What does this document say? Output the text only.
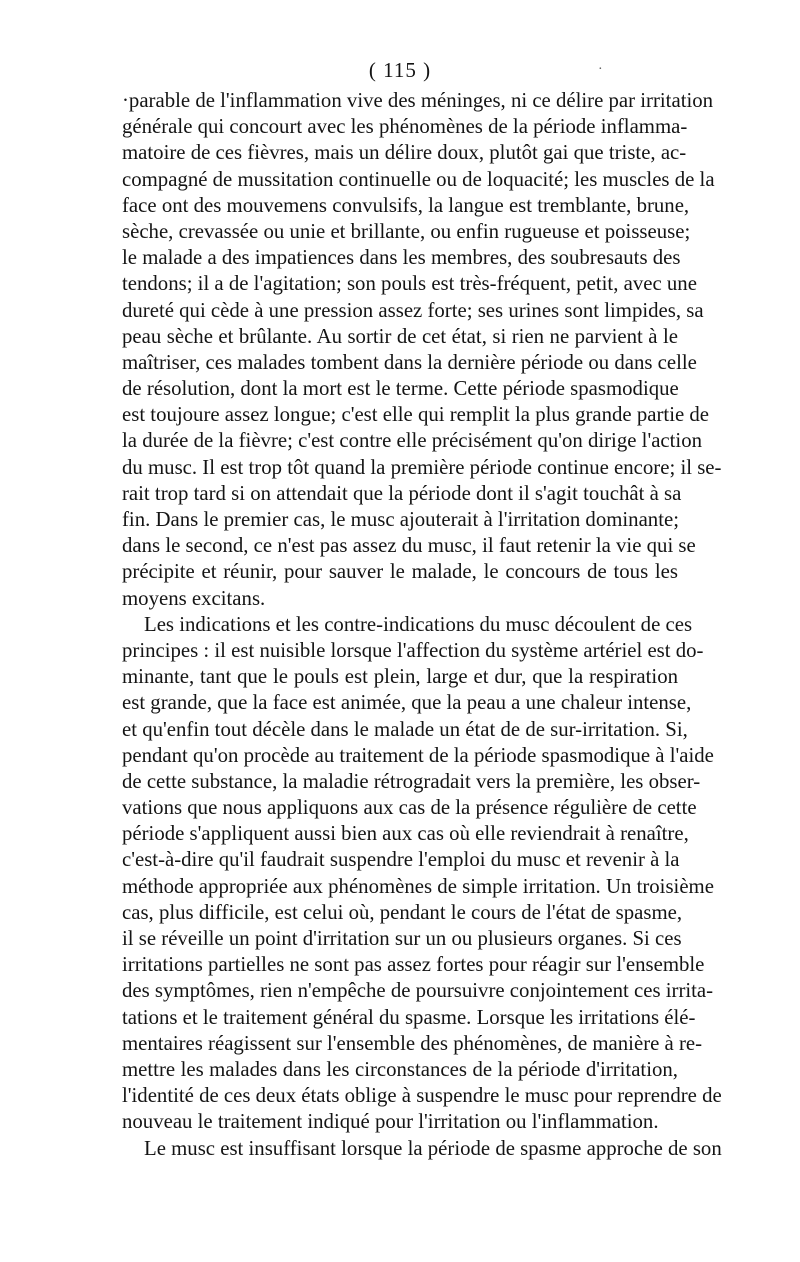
( 115 )	·

·parable de l'inflammation vive des méninges, ni ce délire par irritation
générale qui concourt avec les phénomènes de la période inflamma-
matoire de ces fièvres, mais un délire doux, plutôt gai que triste, ac-
compagné de mussitation continuelle ou de loquacité; les muscles de la
face ont des mouvemens convulsifs, la langue est tremblante, brune,
sèche, crevassée ou unie et brillante, ou enfin rugueuse et poisseuse;
le malade a des impatiences dans les membres, des soubresauts des
tendons; il a de l'agitation; son pouls est très-fréquent, petit, avec une
dureté qui cède à une pression assez forte; ses urines sont limpides, sa
peau sèche et brûlante. Au sortir de cet état, si rien ne parvient à le
maîtriser, ces malades tombent dans la dernière période ou dans celle
de résolution, dont la mort est le terme. Cette période spasmodique
est toujoure assez longue; c'est elle qui remplit la plus grande partie de
la durée de la fièvre; c'est contre elle précisément qu'on dirige l'action
du musc. Il est trop tôt quand la première période continue encore; il se-
rait trop tard si on attendait que la période dont il s'agit touchât à sa
fin. Dans le premier cas, le musc ajouterait à l'irritation dominante;
dans le second, ce n'est pas assez du musc, il faut retenir la vie qui se
précipite et réunir, pour sauver le malade, le concours de tous les
moyens excitans.

Les indications et les contre-indications du musc découlent de ces
principes : il est nuisible lorsque l'affection du système artériel est do-
minante, tant que le pouls est plein, large et dur, que la respiration
est grande, que la face est animée, que la peau a une chaleur intense,
et qu'enfin tout décèle dans le malade un état de de sur-irritation. Si,
pendant qu'on procède au traitement de la période spasmodique à l'aide
de cette substance, la maladie rétrogradait vers la première, les obser-
vations que nous appliquons aux cas de la présence régulière de cette
période s'appliquent aussi bien aux cas où elle reviendrait à renaître,
c'est-à-dire qu'il faudrait suspendre l'emploi du musc et revenir à la
méthode appropriée aux phénomènes de simple irritation. Un troisième
cas, plus difficile, est celui où, pendant le cours de l'état de spasme,
il se réveille un point d'irritation sur un ou plusieurs organes. Si ces
irritations partielles ne sont pas assez fortes pour réagir sur l'ensemble
des symptômes, rien n'empêche de poursuivre conjointement ces irrita-
tations et le traitement général du spasme. Lorsque les irritations élé-
mentaires réagissent sur l'ensemble des phénomènes, de manière à re-
mettre les malades dans les circonstances de la période d'irritation,
l'identité de ces deux états oblige à suspendre le musc pour reprendre de
nouveau le traitement indiqué pour l'irritation ou l'inflammation.

Le musc est insuffisant lorsque la période de spasme approche de son
